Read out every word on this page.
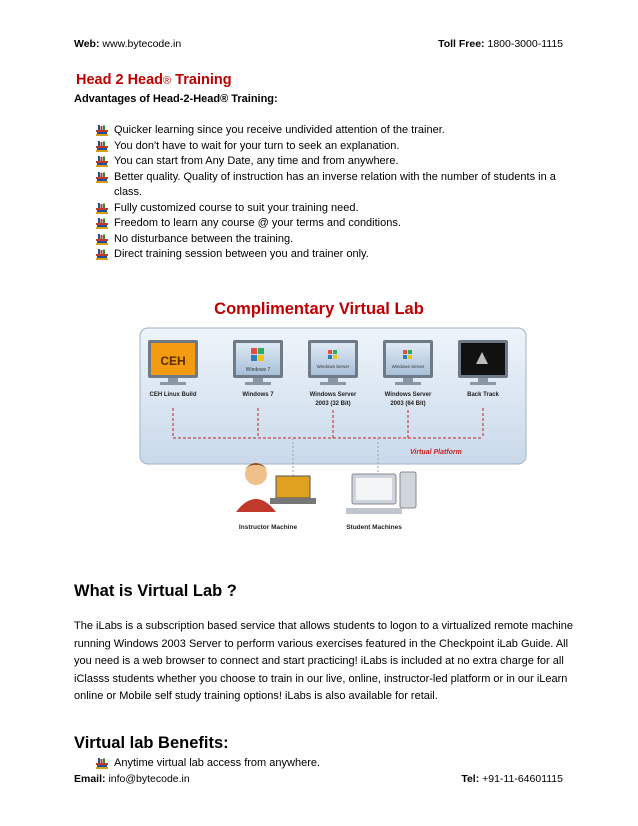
Web: www.bytecode.in	Toll Free: 1800-3000-1115
Head 2 Head® Training
Advantages of Head-2-Head® Training:
Quicker learning since you receive undivided attention of the trainer.
You don't have to wait for your turn to seek an explanation.
You can start from Any Date, any time and from anywhere.
Better quality. Quality of instruction has an inverse relation with the number of students in a class.
Fully customized course to suit your training need.
Freedom to learn any course @ your terms and conditions.
No disturbance between the training.
Direct training session between you and trainer only.
Complimentary Virtual Lab
CEH
Windows 7
Windows Server	Windows Server
CEH Linux Build	Windows 7	Windows Server
2003 (32 Bit)
Windows Server
2003 (64 Bit)
Back Track
Virtual Platform
Instructor Machine	Student Machines
What is Virtual Lab ?
The iLabs is a subscription based service that allows students to logon to a virtualized remote machine running Windows 2003 Server to perform various exercises featured in the Checkpoint iLab Guide. All you need is a web browser to connect and start practicing! iLabs is included at no extra charge for all iClasss students whether you choose to train in our live, online, instructor-led platform or in our iLearn online or Mobile self study training options! iLabs is also available for retail.
Virtual lab Benefits:
Anytime virtual lab access from anywhere.
Email: info@bytecode.in	Tel: +91-11-64601115
